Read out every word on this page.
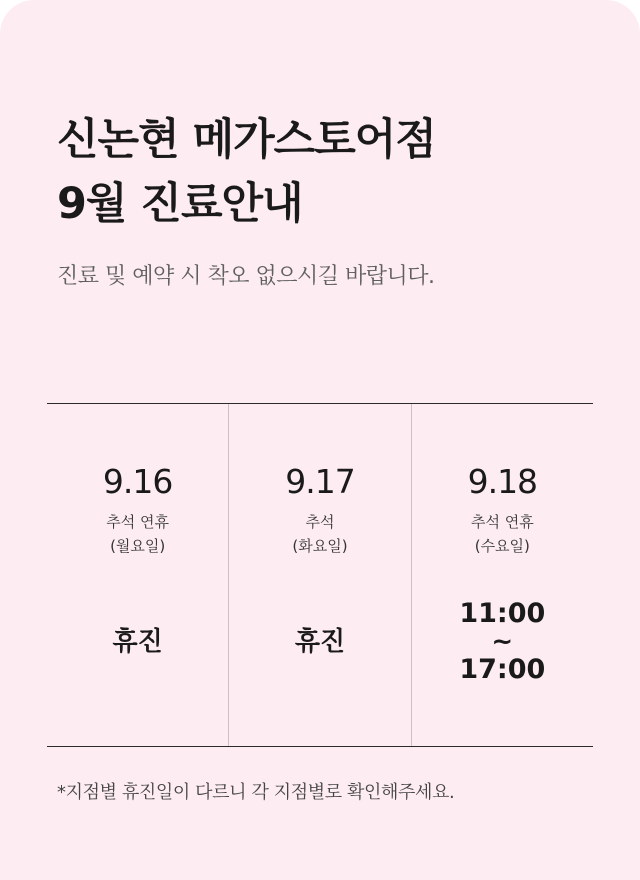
신논현 메가스토어점
9월 진료안내

진료 및 예약 시 착오 없으시길 바랍니다.

9.16
추석 연휴
(월요일)
휴진
9.17
추석
(화요일)
휴진
9.18
추석 연휴
(수요일)
11:00
~
17:00

*지점별 휴진일이 다르니 각 지점별로 확인해주세요.
